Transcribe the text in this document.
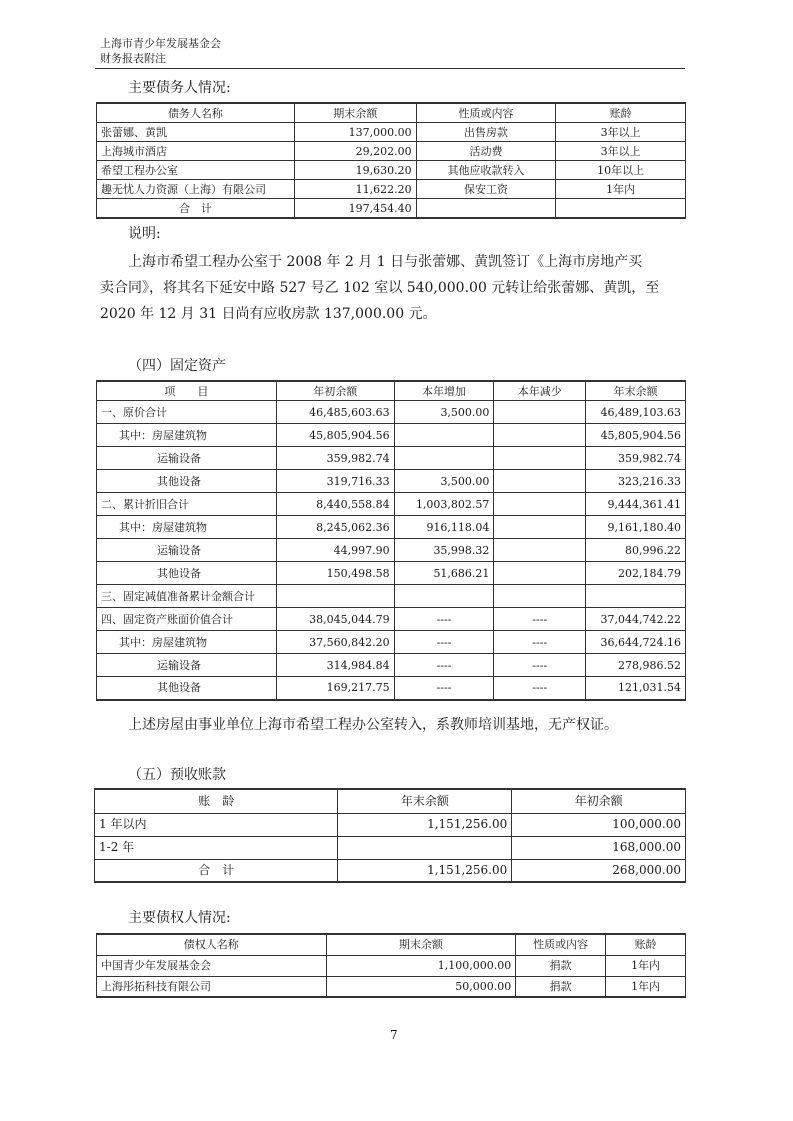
上海市青少年发展基金会
财务报表附注
主要债务人情况:
债务人名称	期末余额	性质或内容	账龄
张蕾娜、黄凯	137,000.00	出售房款	3年以上
上海城市酒店	29,202.00	活动费	3年以上
希望工程办公室	19,630.20	其他应收款转入	10年以上
趣无忧人力资源（上海）有限公司	11,622.20	保安工资	1年内
合　计	197,454.40		
说明:
上海市希望工程办公室于 2008 年 2 月 1 日与张蕾娜、黄凯签订《上海市房地产买
卖合同》，将其名下延安中路 527 号乙 102 室以 540,000.00 元转让给张蕾娜、黄凯，至
2020 年 12 月 31 日尚有应收房款 137,000.00 元。
（四）固定资产
项　　目	年初余额	本年增加	本年减少	年末余额
一、原价合计	46,485,603.63	3,500.00		46,489,103.63
其中：房屋建筑物	45,805,904.56			45,805,904.56
运输设备	359,982.74			359,982.74
其他设备	319,716.33	3,500.00		323,216.33
二、累计折旧合计	8,440,558.84	1,003,802.57		9,444,361.41
其中：房屋建筑物	8,245,062.36	916,118.04		9,161,180.40
运输设备	44,997.90	35,998.32		80,996.22
其他设备	150,498.58	51,686.21		202,184.79
三、固定减值准备累计金额合计				
四、固定资产账面价值合计	38,045,044.79	----	----	37,044,742.22
其中：房屋建筑物	37,560,842.20	----	----	36,644,724.16
运输设备	314,984.84	----	----	278,986.52
其他设备	169,217.75	----	----	121,031.54
上述房屋由事业单位上海市希望工程办公室转入，系教师培训基地，无产权证。
（五）预收账款
账　龄	年末余额	年初余额
1 年以内	1,151,256.00	100,000.00
1-2 年		168,000.00
合　计	1,151,256.00	268,000.00
主要债权人情况:
债权人名称	期末余额	性质或内容	账龄
中国青少年发展基金会	1,100,000.00	捐款	1年内
上海彤拓科技有限公司	50,000.00	捐款	1年内
7
